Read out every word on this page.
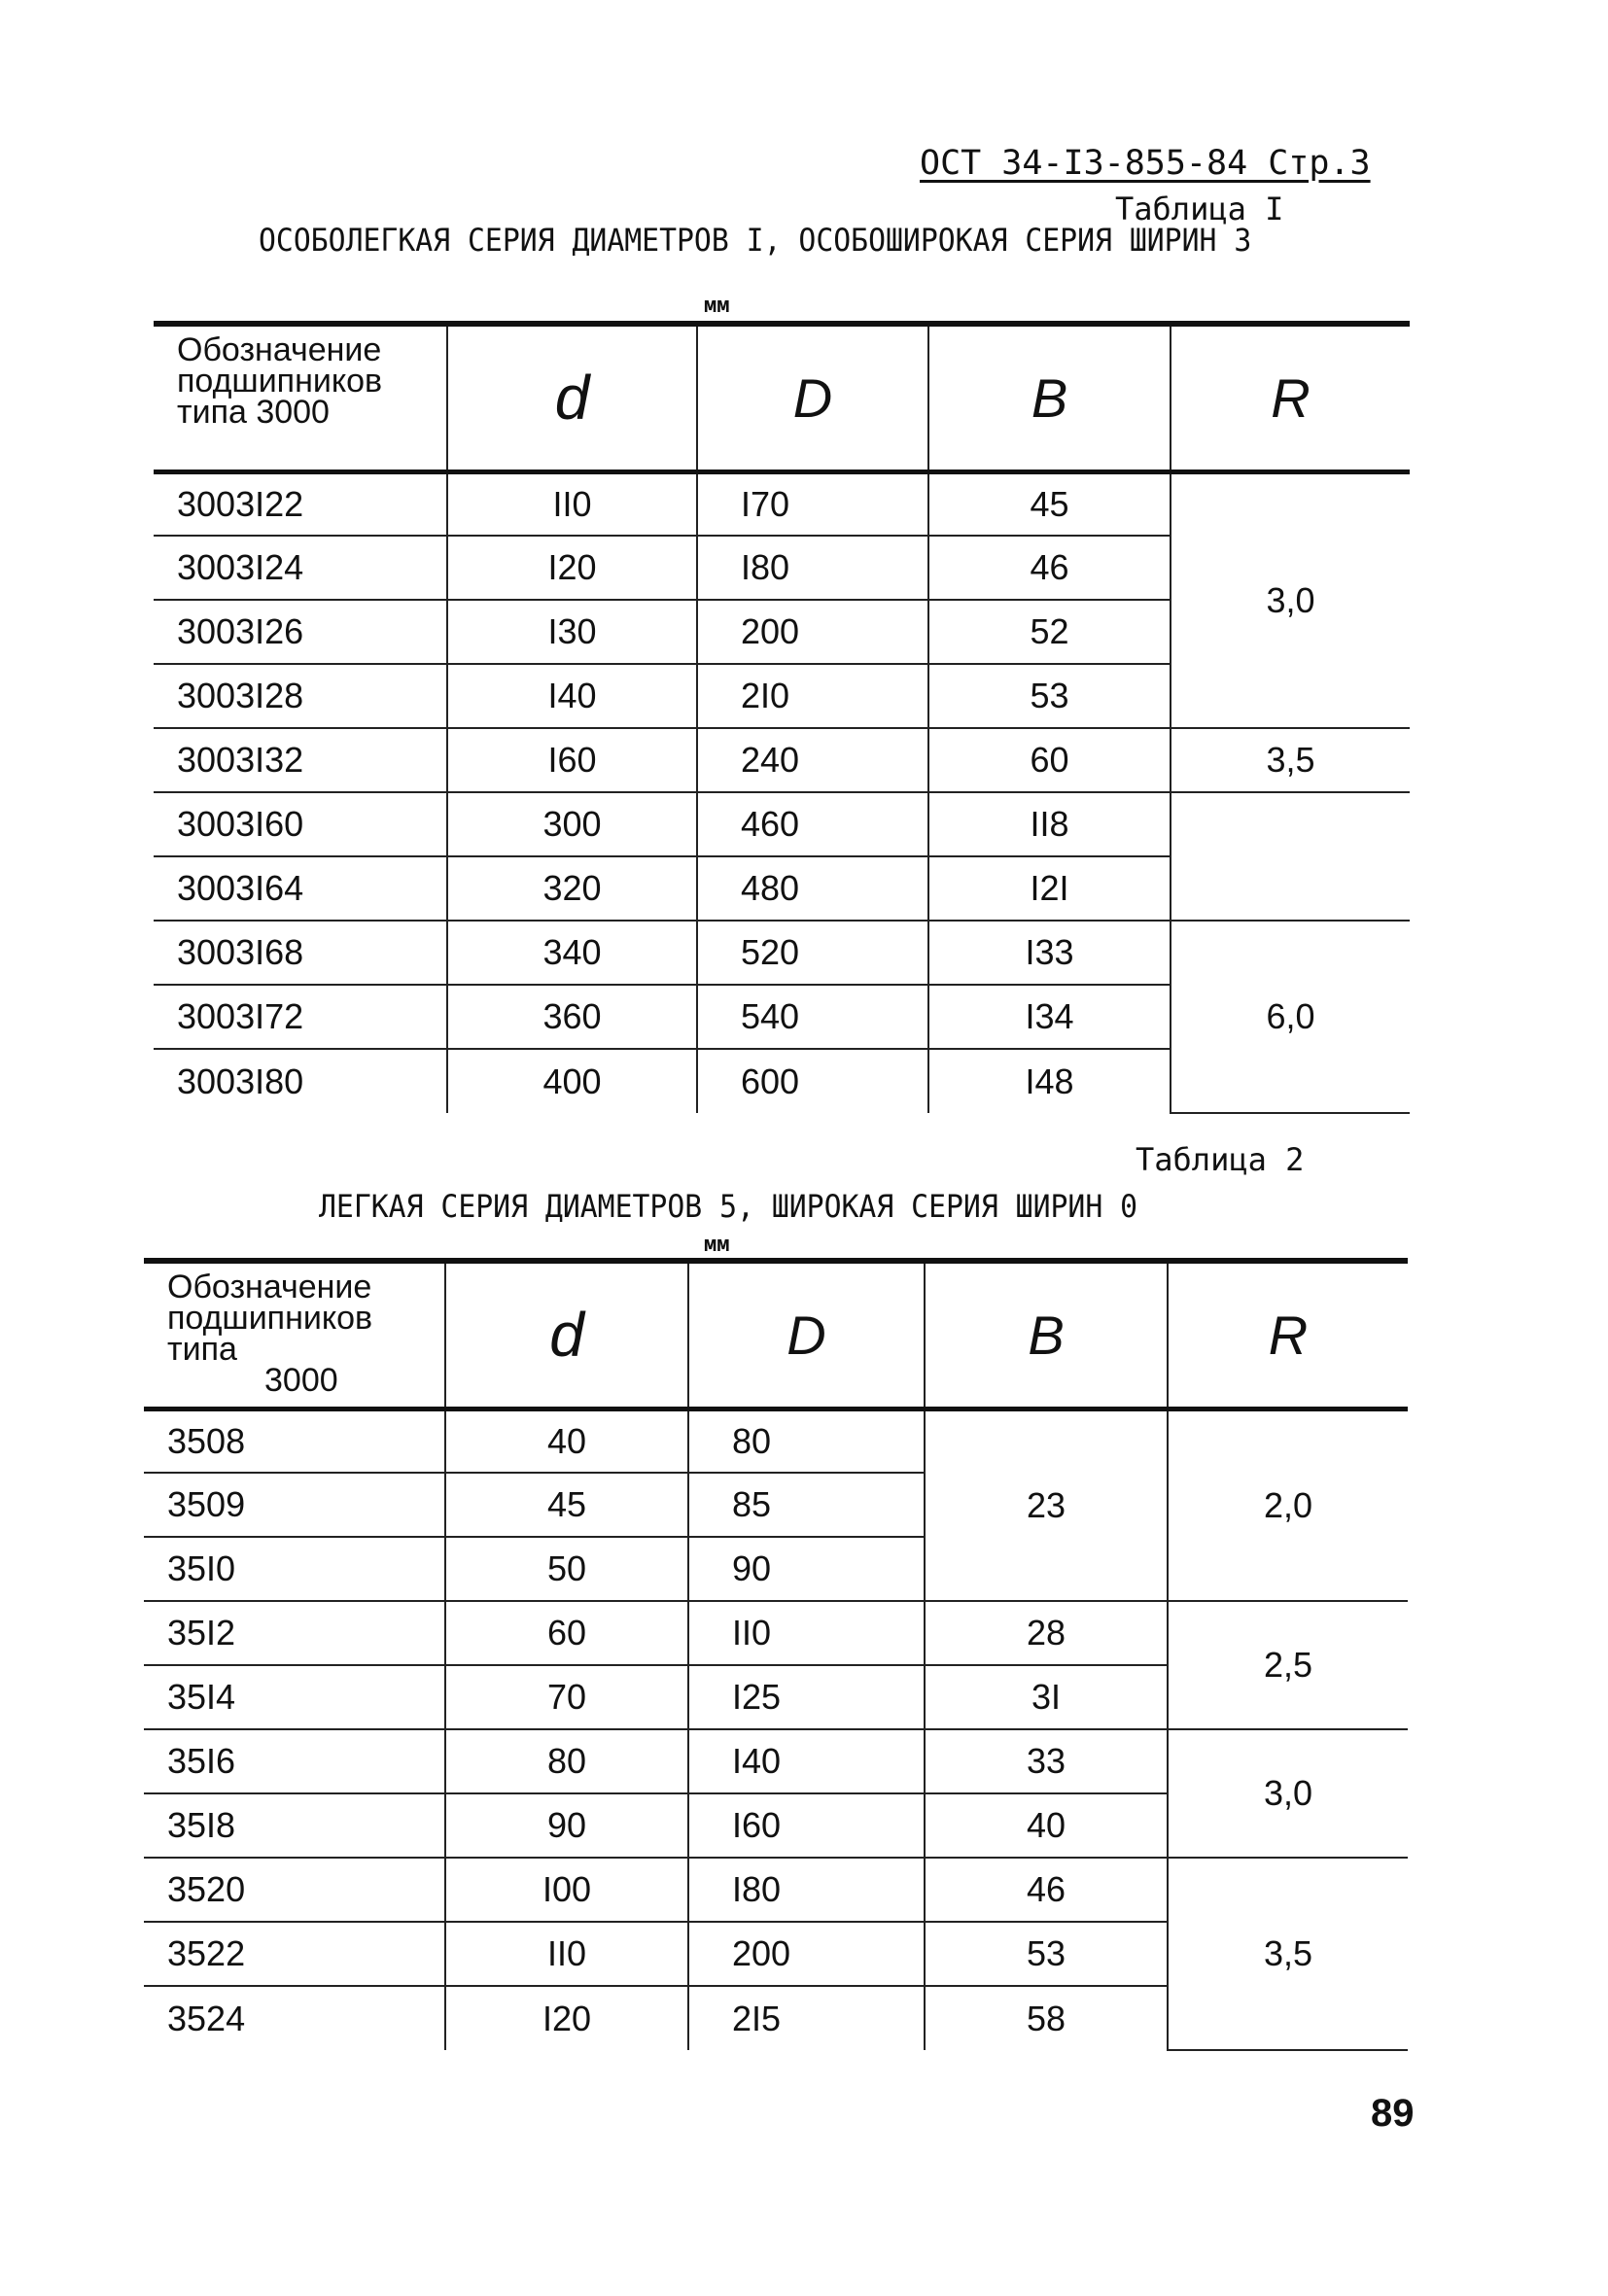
ОСТ 34-I3-855-84 Стр.3
Таблица I
ОСОБОЛЕГКАЯ СЕРИЯ ДИАМЕТРОВ I, ОСОБОШИРОКАЯ СЕРИЯ ШИРИН 3
мм
Обозначение
подшипников
типа 3000	d	D	B	R
3003I22	II0	I70	45	3,0
3003I24	I20	I80	46	
3003I26	I30	200	52	
3003I28	I40	2I0	53	
3003I32	I60	240	60	3,5
3003I60	300	460	II8	
3003I64	320	480	I2I	
3003I68	340	520	I33	6,0
3003I72	360	540	I34	
3003I80	400	600	I48	
Таблица 2
ЛЕГКАЯ СЕРИЯ ДИАМЕТРОВ 5, ШИРОКАЯ СЕРИЯ ШИРИН 0
мм
Обозначение
подшипников
типа
3000	d	D	B	R
3508	40	80	23	2,0
3509	45	85		
35I0	50	90		
35I2	60	II0	28	2,5
35I4	70	I25	3I	
35I6	80	I40	33	3,0
35I8	90	I60	40	
3520	I00	I80	46	3,5
3522	II0	200	53	
3524	I20	2I5	58	
89
